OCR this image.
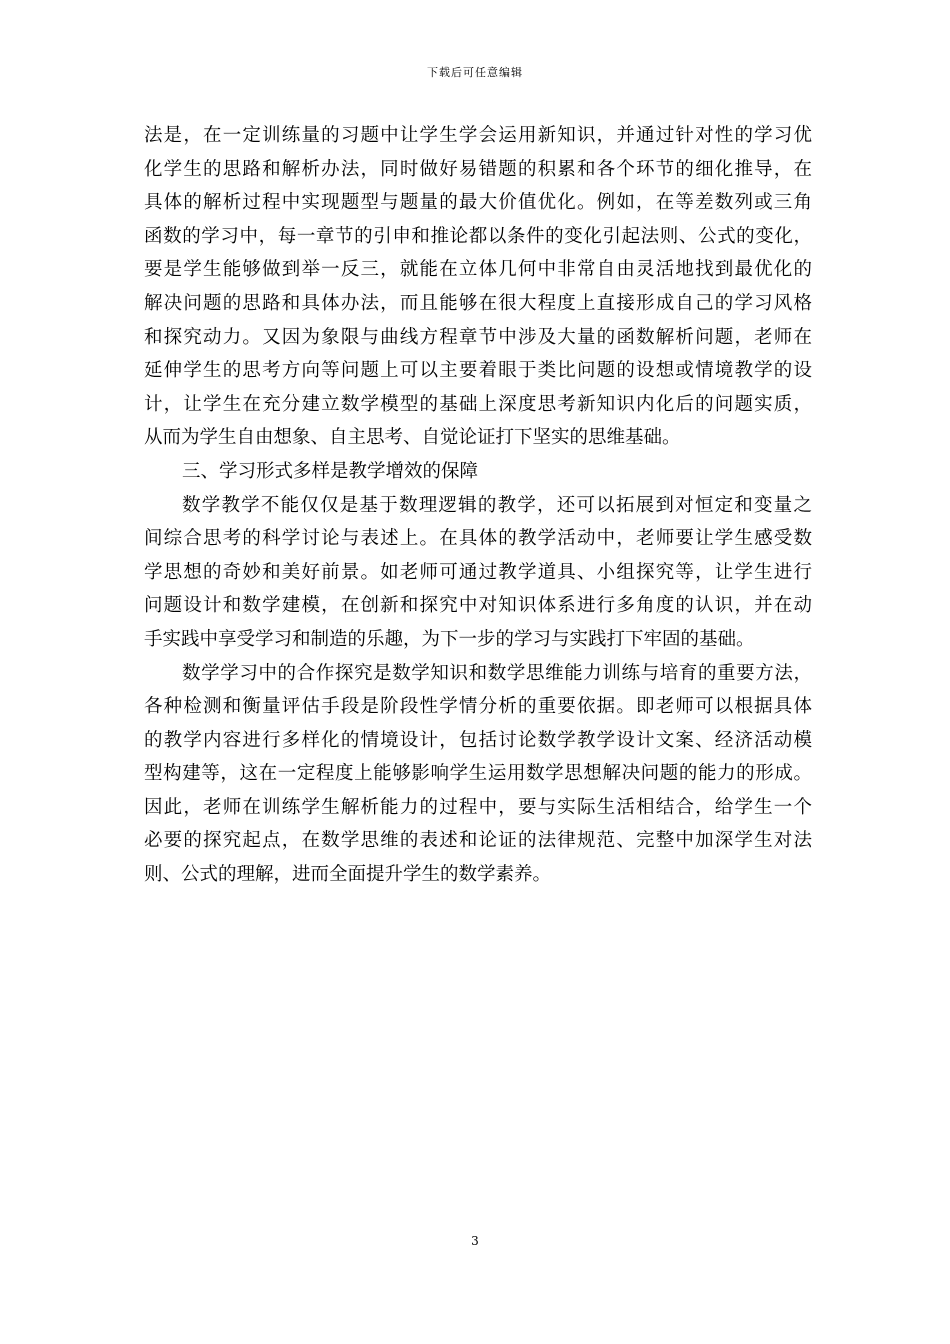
下载后可任意编辑
法是，在一定训练量的习题中让学生学会运用新知识，并通过针对性的学习优
化学生的思路和解析办法，同时做好易错题的积累和各个环节的细化推导，在
具体的解析过程中实现题型与题量的最大价值优化。例如，在等差数列或三角
函数的学习中，每一章节的引申和推论都以条件的变化引起法则、公式的变化，
要是学生能够做到举一反三，就能在立体几何中非常自由灵活地找到最优化的
解决问题的思路和具体办法，而且能够在很大程度上直接形成自己的学习风格
和探究动力。又因为象限与曲线方程章节中涉及大量的函数解析问题，老师在
延伸学生的思考方向等问题上可以主要着眼于类比问题的设想或情境教学的设
计，让学生在充分建立数学模型的基础上深度思考新知识内化后的问题实质，
从而为学生自由想象、自主思考、自觉论证打下坚实的思维基础。
三、学习形式多样是教学增效的保障
数学教学不能仅仅是基于数理逻辑的教学，还可以拓展到对恒定和变量之
间综合思考的科学讨论与表述上。在具体的教学活动中，老师要让学生感受数
学思想的奇妙和美好前景。如老师可通过教学道具、小组探究等，让学生进行
问题设计和数学建模，在创新和探究中对知识体系进行多角度的认识，并在动
手实践中享受学习和制造的乐趣，为下一步的学习与实践打下牢固的基础。
数学学习中的合作探究是数学知识和数学思维能力训练与培育的重要方法，
各种检测和衡量评估手段是阶段性学情分析的重要依据。即老师可以根据具体
的教学内容进行多样化的情境设计，包括讨论数学教学设计文案、经济活动模
型构建等，这在一定程度上能够影响学生运用数学思想解决问题的能力的形成。
因此，老师在训练学生解析能力的过程中，要与实际生活相结合，给学生一个
必要的探究起点，在数学思维的表述和论证的法律规范、完整中加深学生对法
则、公式的理解，进而全面提升学生的数学素养。
3
